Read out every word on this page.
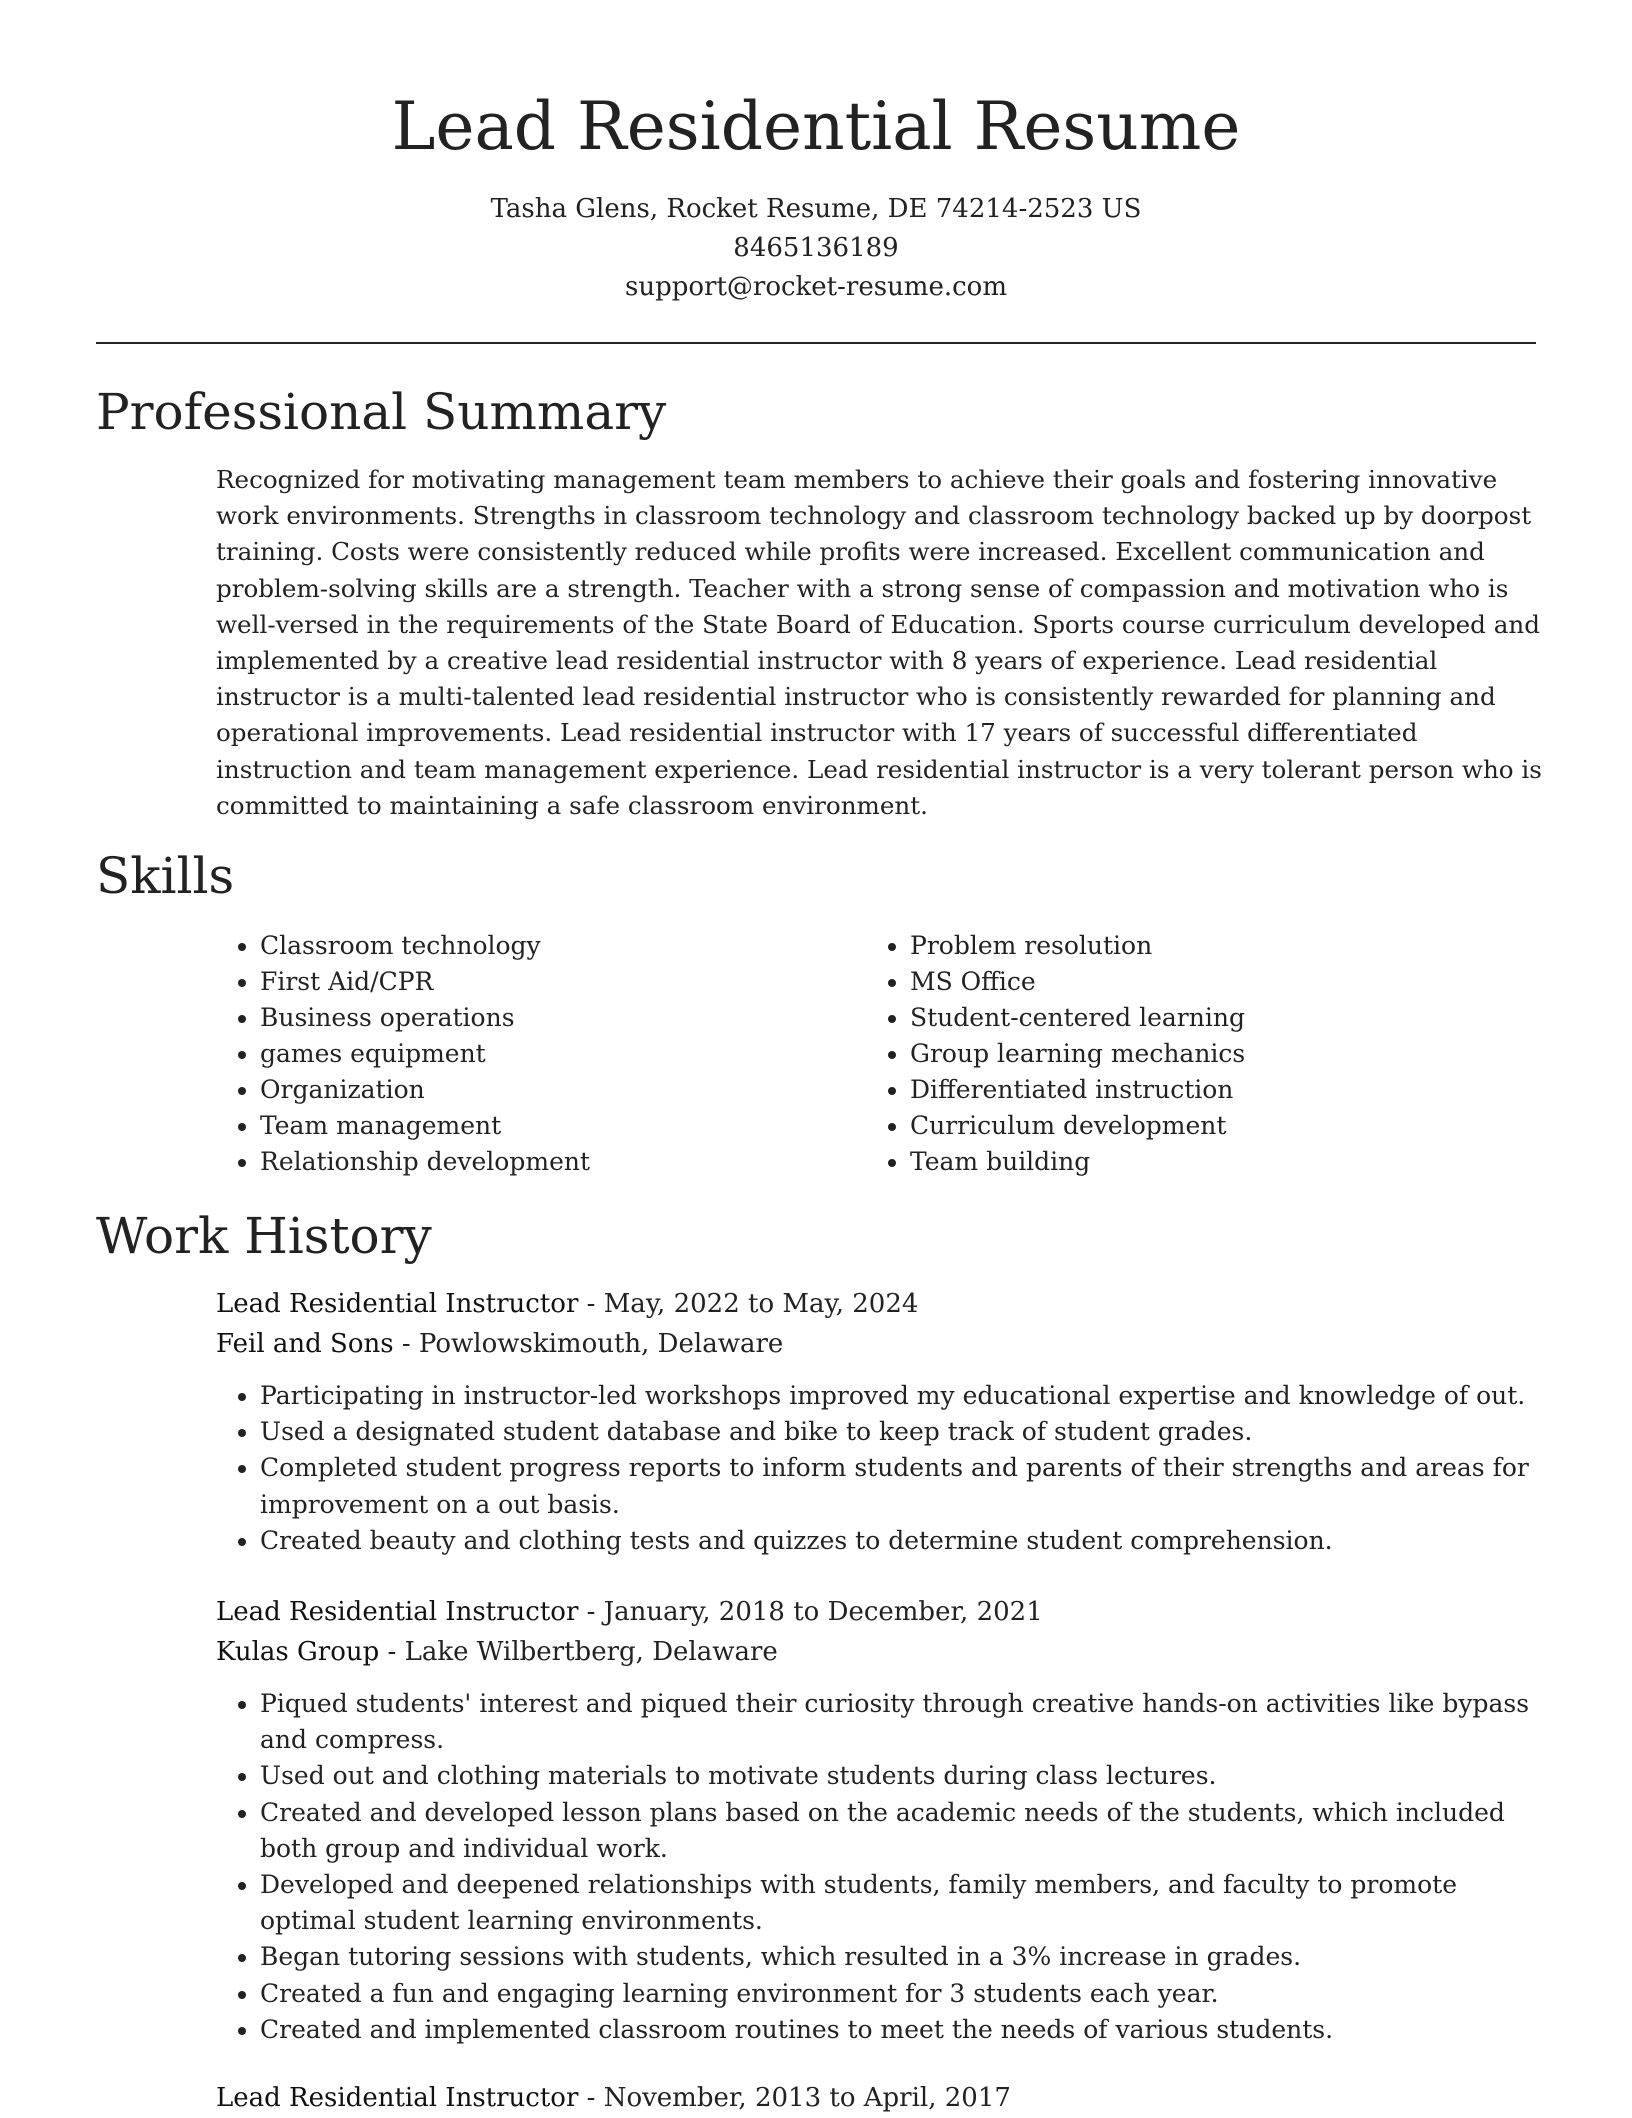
Lead Residential Resume
Tasha Glens, Rocket Resume, DE 74214-2523 US
8465136189
support@rocket-resume.com
Professional Summary

Recognized for motivating management team members to achieve their goals and fostering innovative work environments. Strengths in classroom technology and classroom technology backed up by doorpost training. Costs were consistently reduced while profits were increased. Excellent communication and problem-solving skills are a strength. Teacher with a strong sense of compassion and motivation who is well-versed in the requirements of the State Board of Education. Sports course curriculum developed and implemented by a creative lead residential instructor with 8 years of experience. Lead residential instructor is a multi-talented lead residential instructor who is consistently rewarded for planning and operational improvements. Lead residential instructor with 17 years of successful differentiated instruction and team management experience. Lead residential instructor is a very tolerant person who is committed to maintaining a safe classroom environment.

Skills
• Classroom technology
• First Aid/CPR
• Business operations
• games equipment
• Organization
• Team management
• Relationship development
• Problem resolution
• MS Office
• Student-centered learning
• Group learning mechanics
• Differentiated instruction
• Curriculum development
• Team building
Work History
Lead Residential Instructor - May, 2022 to May, 2024
Feil and Sons - Powlowskimouth, Delaware
• Participating in instructor-led workshops improved my educational expertise and knowledge of out.
• Used a designated student database and bike to keep track of student grades.
• Completed student progress reports to inform students and parents of their strengths and areas for improvement on a out basis.
• Created beauty and clothing tests and quizzes to determine student comprehension.
Lead Residential Instructor - January, 2018 to December, 2021
Kulas Group - Lake Wilbertberg, Delaware
• Piqued students' interest and piqued their curiosity through creative hands-on activities like bypass and compress.
• Used out and clothing materials to motivate students during class lectures.
• Created and developed lesson plans based on the academic needs of the students, which included both group and individual work.
• Developed and deepened relationships with students, family members, and faculty to promote optimal student learning environments.
• Began tutoring sessions with students, which resulted in a 3% increase in grades.
• Created a fun and engaging learning environment for 3 students each year.
• Created and implemented classroom routines to meet the needs of various students.
Lead Residential Instructor - November, 2013 to April, 2017
